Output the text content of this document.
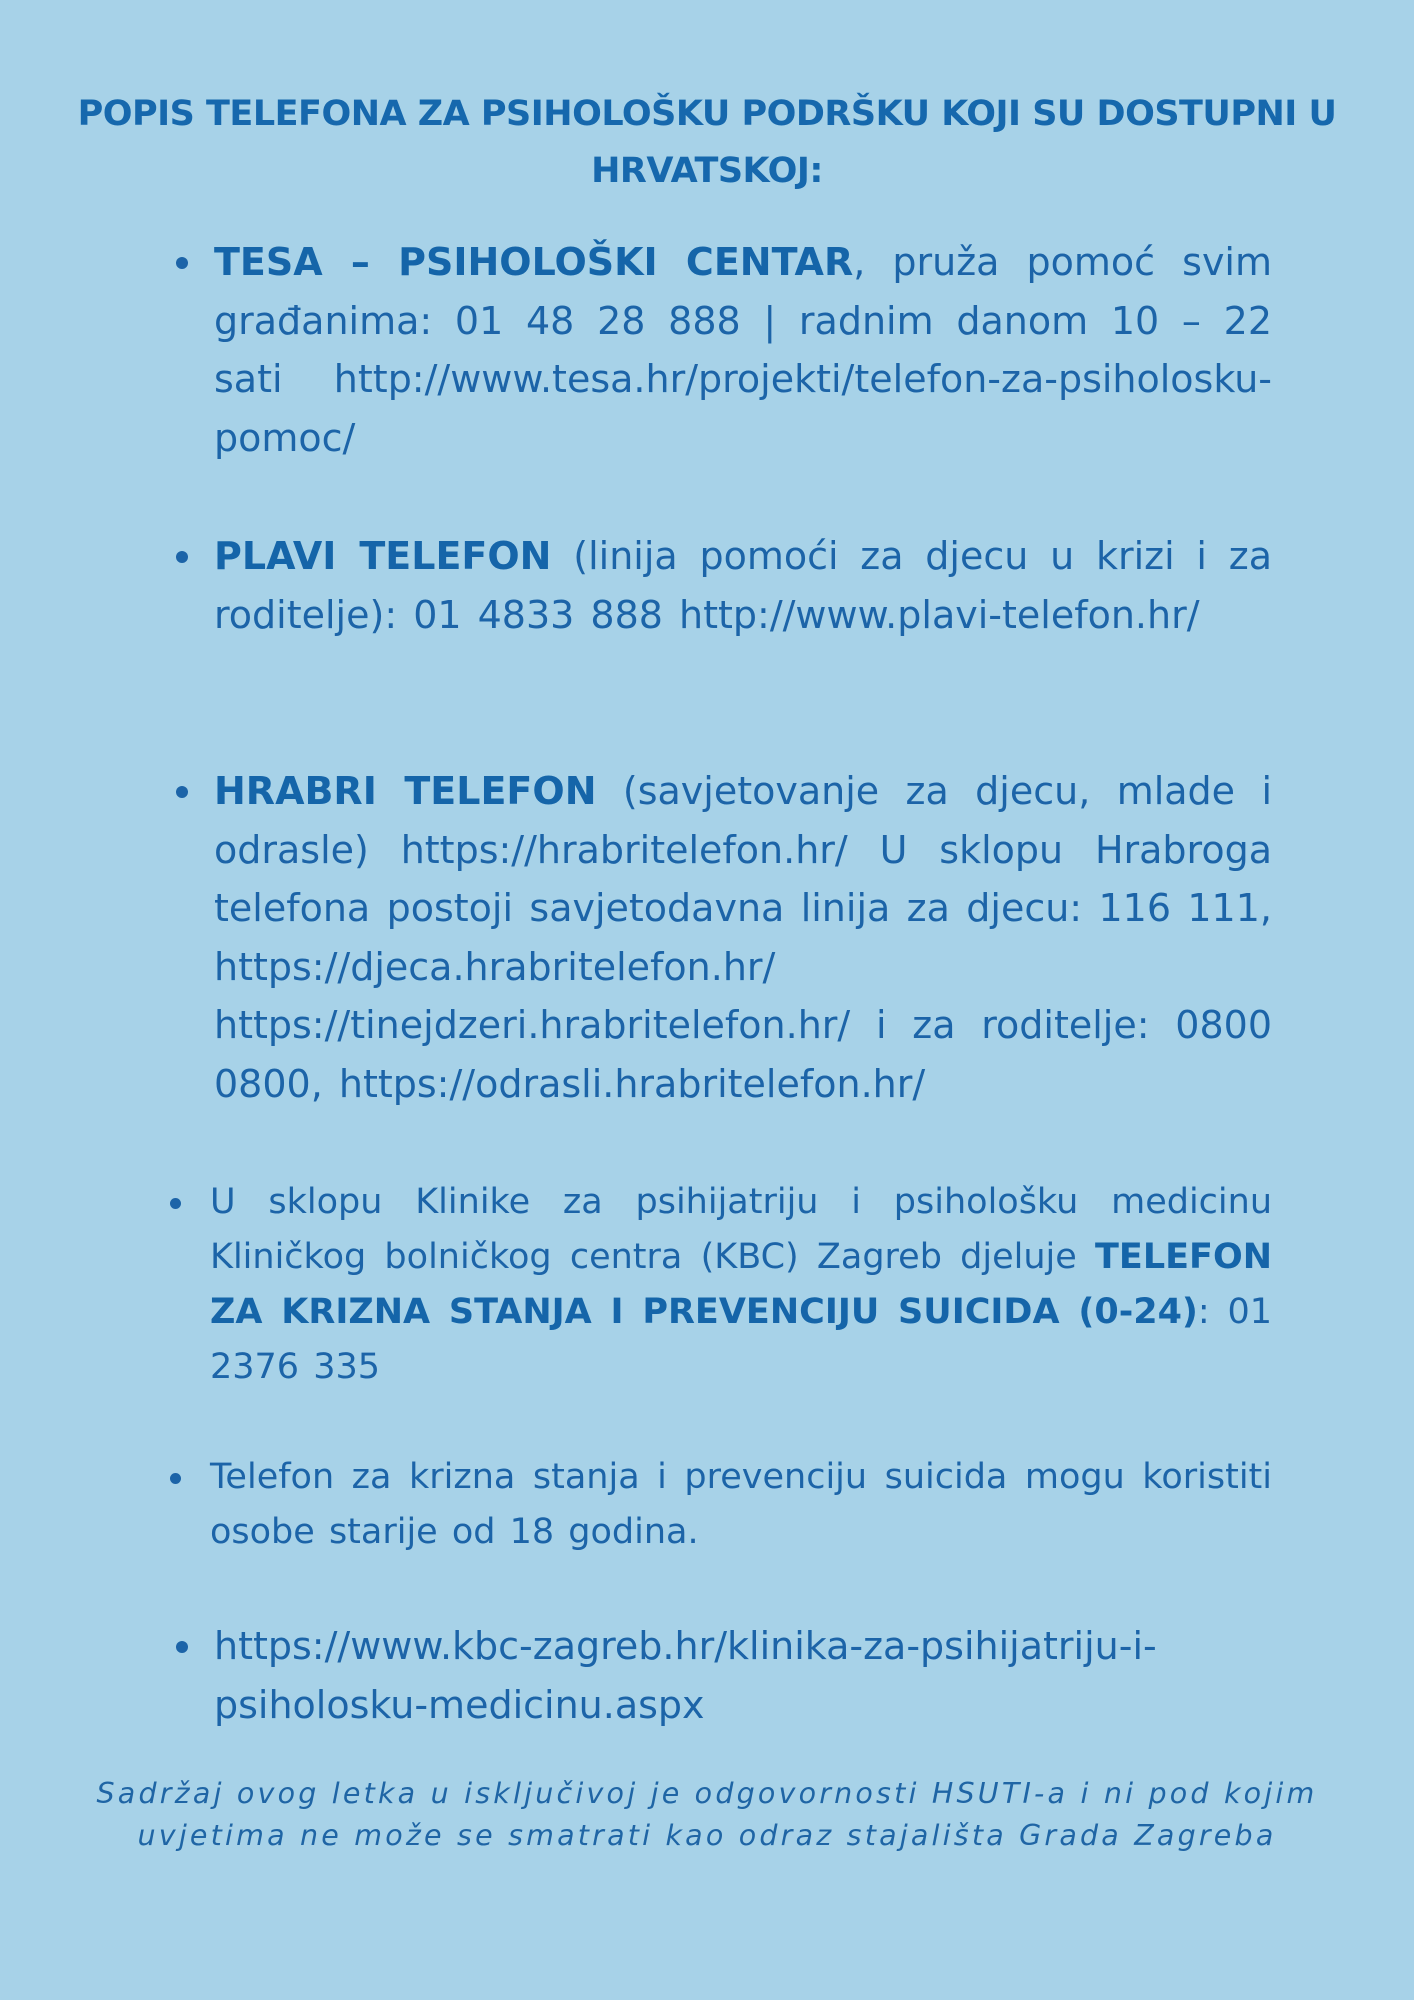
POPIS TELEFONA ZA PSIHOLOŠKU PODRŠKU KOJI SU DOSTUPNI U HRVATSKOJ:
TESA – PSIHOLOŠKI CENTAR, pruža pomoć svim građanima: 01 48 28 888 | radnim danom 10 – 22 sati http://www.tesa.hr/projekti/telefon-za-psiholosku-pomoc/
PLAVI TELEFON (linija pomoći za djecu u krizi i za roditelje): 01 4833 888 http://www.plavi-telefon.hr/
HRABRI TELEFON (savjetovanje za djecu, mlade i odrasle) https://hrabritelefon.hr/ U sklopu Hrabroga telefona postoji savjetodavna linija za djecu: 116 111, https://djeca.hrabritelefon.hr/ https://tinejdzeri.hrabritelefon.hr/ i za roditelje: 0800 0800, https://odrasli.hrabritelefon.hr/
U sklopu Klinike za psihijatriju i psihološku medicinu Kliničkog bolničkog centra (KBC) Zagreb djeluje TELEFON ZA KRIZNA STANJA I PREVENCIJU SUICIDA (0-24): 01 2376 335
Telefon za krizna stanja i prevenciju suicida mogu koristiti osobe starije od 18 godina.
https://www.kbc-zagreb.hr/klinika-za-psihijatriju-i-psiholosku-medicinu.aspx
Sadržaj ovog letka u isključivoj je odgovornosti HSUTI-a i ni pod kojim uvjetima ne može se smatrati kao odraz stajališta Grada Zagreba
